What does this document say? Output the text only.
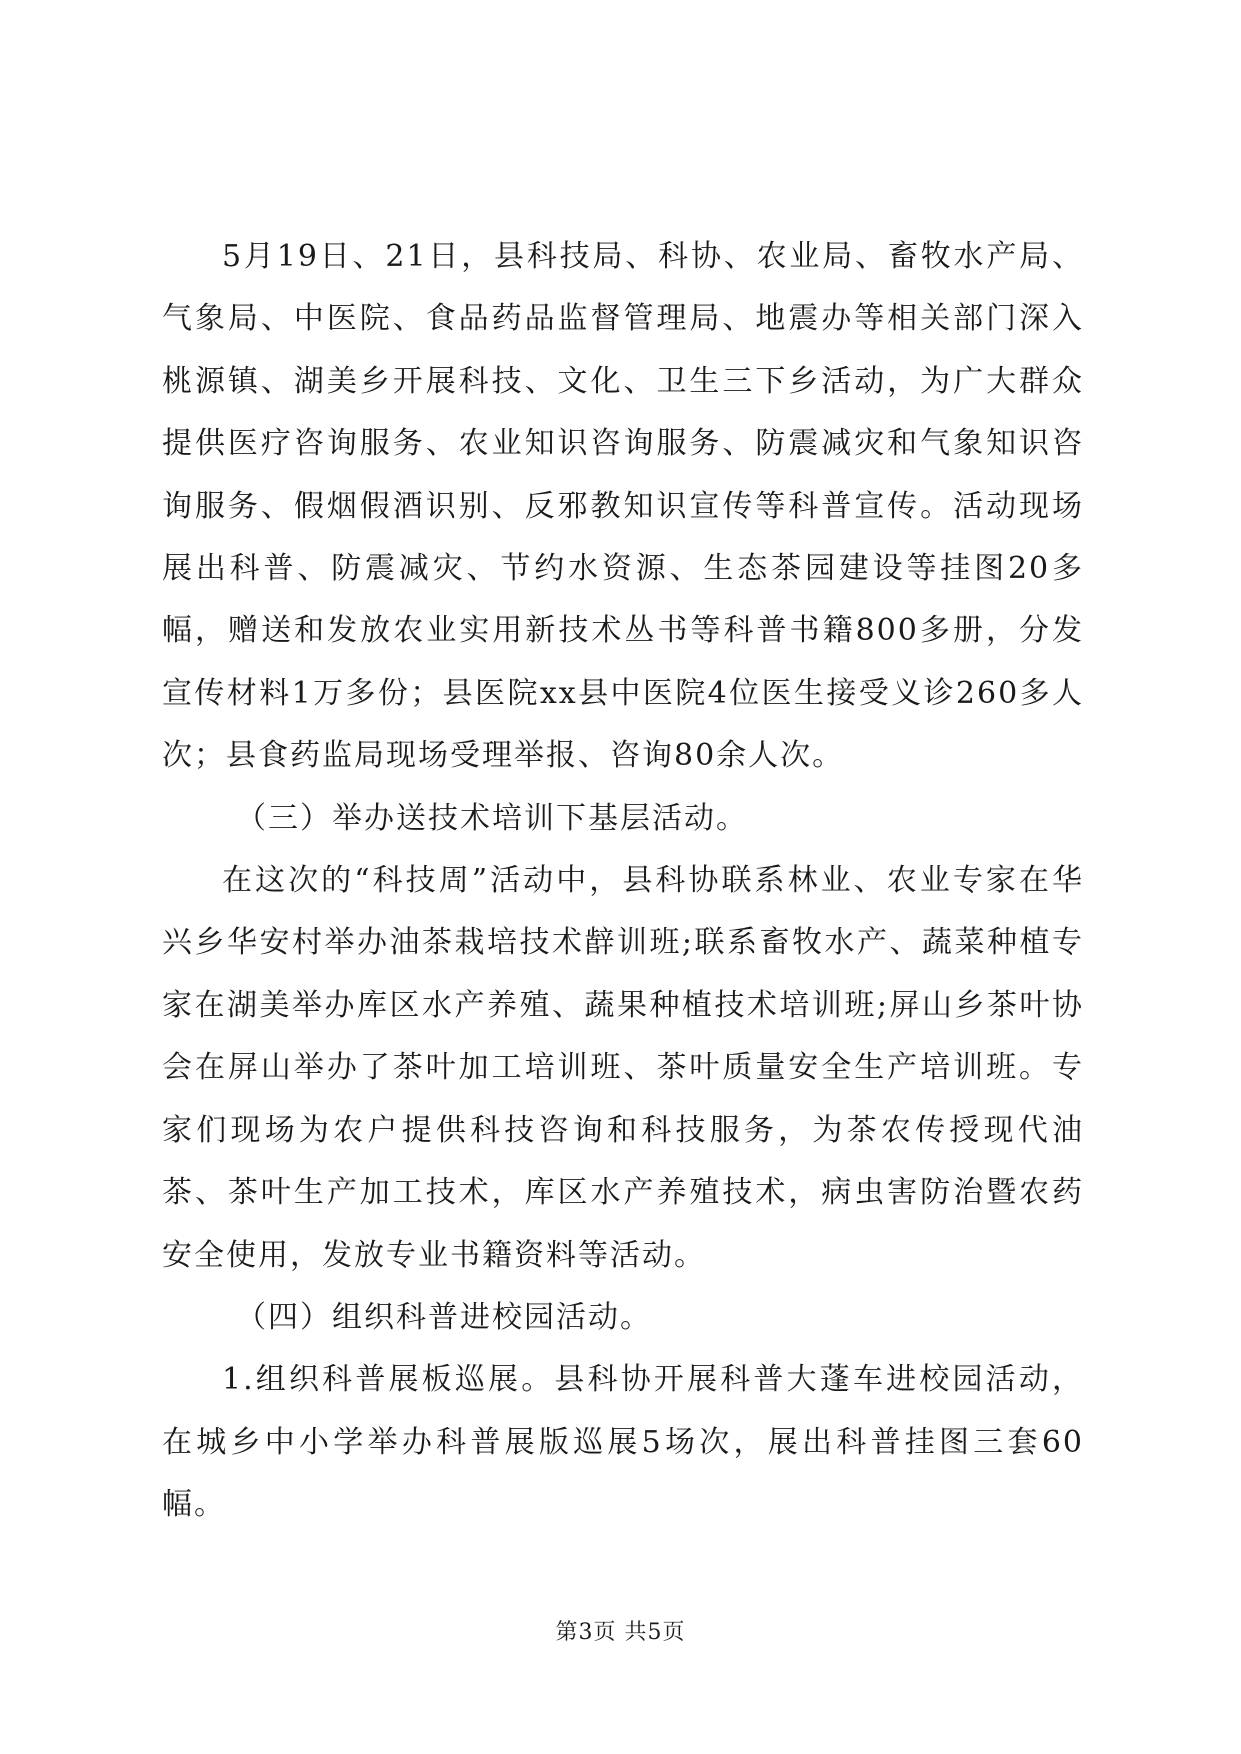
5月19日、21日，县科技局、科协、农业局、畜牧水产局、气象局、中医院、食品药品监督管理局、地震办等相关部门深入桃源镇、湖美乡开展科技、文化、卫生三下乡活动，为广大群众提供医疗咨询服务、农业知识咨询服务、防震减灾和气象知识咨询服务、假烟假酒识别、反邪教知识宣传等科普宣传。活动现场展出科普、防震减灾、节约水资源、生态茶园建设等挂图20多幅，赠送和发放农业实用新技术丛书等科普书籍800多册，分发宣传材料1万多份；县医院xx县中医院4位医生接受义诊260多人次；县食药监局现场受理举报、咨询80余人次。

（三）举办送技术培训下基层活动。

在这次的“科技周”活动中，县科协联系林业、农业专家在华兴乡华安村举办油茶栽培技术辪训班;联系畜牧水产、蔬菜种植专家在湖美举办库区水产养殖、蔬果种植技术培训班;屏山乡茶叶协会在屏山举办了茶叶加工培训班、茶叶质量安全生产培训班。专家们现场为农户提供科技咨询和科技服务，为茶农传授现代油茶、茶叶生产加工技术，库区水产养殖技术，病虫害防治暨农药安全使用，发放专业书籍资料等活动。

（四）组织科普进校园活动。

1.组织科普展板巡展。县科协开展科普大蓬车进校园活动，在城乡中小学举办科普展版巡展5场次，展出科普挂图三套60幅。

第3页 共5页
